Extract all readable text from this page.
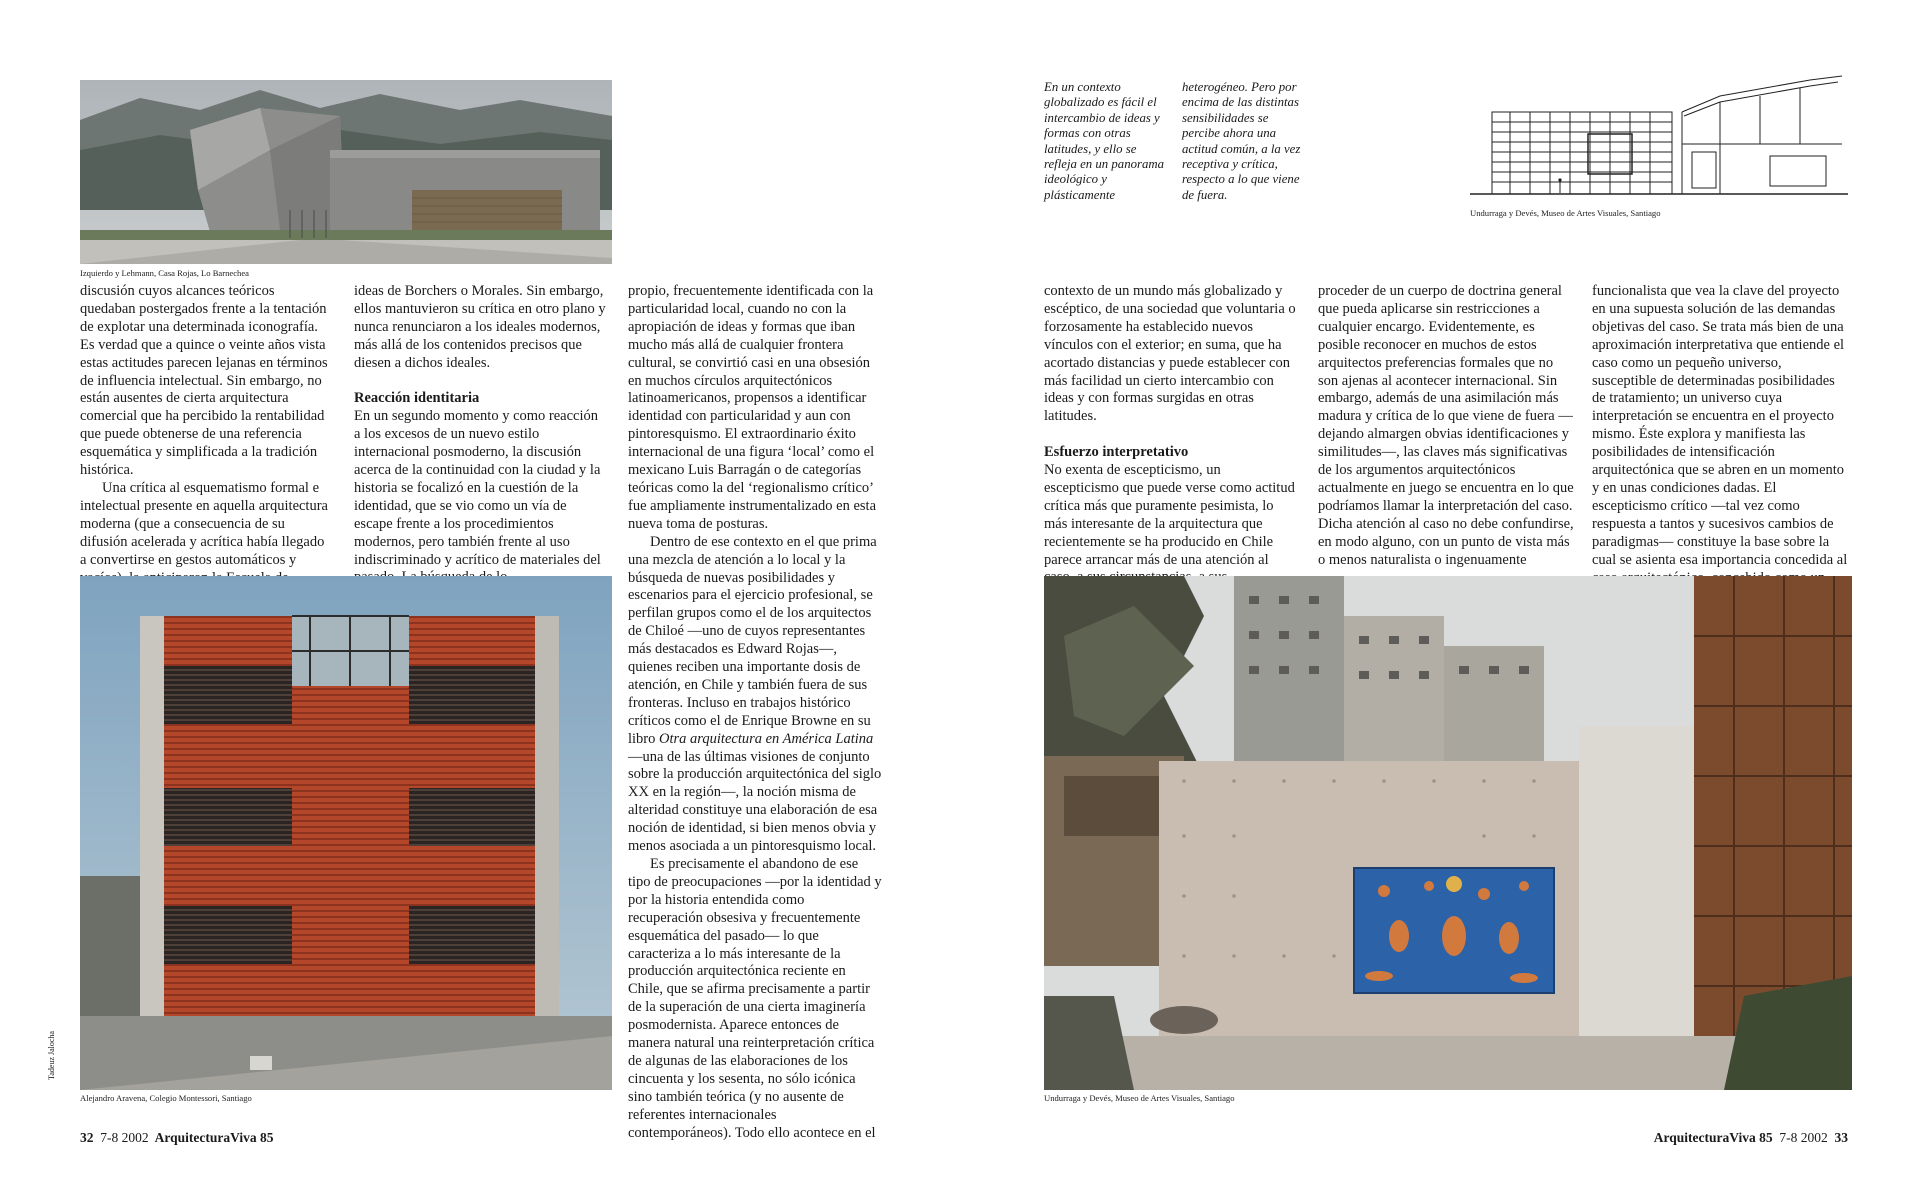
Izquierdo y Lehmann, Casa Rojas, Lo Barnechea

discusión cuyos alcances teóricos quedaban postergados frente a la tentación de explotar una determinada iconografía. Es verdad que a quince o veinte años vista estas actitudes parecen lejanas en términos de influencia intelectual. Sin embargo, no están ausentes de cierta arquitectura comercial que ha percibido la rentabilidad que puede obtenerse de una referencia esquemática y simplificada a la tradición histórica.

Una crítica al esquematismo formal e intelectual presente en aquella arquitectura moderna (que a consecuencia de su difusión acelerada y acrítica había llegado a convertirse en gestos automáticos y

ideas de Borchers o Morales. Sin embargo, ellos mantuvieron su crítica en otro plano y nunca renunciaron a los ideales modernos, más allá de los contenidos precisos que diesen a dichos ideales.

Reacción identitaria

En un segundo momento y como reacción a los excesos de un nuevo estilo internacional posmoderno, la discusión acerca de la continuidad con la ciudad y la historia se focalizó en la cuestión de la identidad, que se vio como un vía de escape frente a los procedimientos modernos, pero también frente al uso indiscriminado y acrítico de materiales del

propio, frecuentemente identificada con la particularidad local, cuando no con la apropiación de ideas y formas que iban mucho más allá de cualquier frontera cultural, se convirtió casi en una obsesión en muchos círculos arquitectónicos latinoamericanos, propensos a identificar identidad con particularidad y aun con pintoresquismo. El extraordinario éxito internacional de una figura ‘local’ como el mexicano Luis Barragán o de categorías teóricas como la del ‘regionalismo crítico’ fue ampliamente instrumentalizado en esta nueva toma de posturas.

Dentro de ese contexto en el que prima una mezcla de atención a lo local y la búsqueda de nuevas posibilidades y escenarios para el ejercicio profesional, se perfilan grupos como el de los arquitectos de Chiloé —uno de cuyos representantes más destacados es Edward Rojas—, quienes reciben una importante dosis de atención, en Chile y también fuera de sus fronteras. Incluso en trabajos histórico críticos como el de Enrique Browne en su libro Otra arquitectura en América Latina —una de las últimas visiones de conjunto sobre la producción arquitectónica del siglo XX en la región—, la noción misma de alteridad constituye una elaboración de esa noción de identidad, si bien menos obvia y menos asociada a un pintoresquismo local.

Es precisamente el abandono de ese tipo de preocupaciones —por la identidad y por la historia entendida como recuperación obsesiva y frecuentemente esquemática del pasado— lo que caracteriza a lo más interesante de la producción arquitectónica reciente en Chile, que se afirma precisamente a partir de la superación de una cierta imaginería posmodernista. Aparece entonces de manera natural una reinterpretación crítica de algunas de las elaboraciones de los cincuenta y los sesenta, no sólo icónica sino también teórica (y no ausente de referentes internacionales contemporáneos). Todo ello acontece en el

Tadeuz Jalocha
Alejandro Aravena, Colegio Montessori, Santiago
32 7-8 2002 ArquitecturaViva 85

En un contexto globalizado es fácil el intercambio de ideas y formas con otras latitudes, y ello se refleja en un panorama ideológico y plásticamente

heterogéneo. Pero por encima de las distintas sensibilidades se percibe ahora una actitud común, a la vez receptiva y crítica, respecto a lo que viene de fuera.

Undurraga y Devés, Museo de Artes Visuales, Santiago

contexto de un mundo más globalizado y escéptico, de una sociedad que voluntaria o forzosamente ha establecido nuevos vínculos con el exterior; en suma, que ha acortado distancias y puede establecer con más facilidad un cierto intercambio con ideas y con formas surgidas en otras latitudes.

Esfuerzo interpretativo

No exenta de escepticismo, un escepticismo que puede verse como actitud crítica más que puramente pesimista, lo más interesante de la arquitectura que recientemente se ha producido en Chile parece arrancar más de una atención al

proceder de un cuerpo de doctrina general que pueda aplicarse sin restricciones a cualquier encargo. Evidentemente, es posible reconocer en muchos de estos arquitectos preferencias formales que no son ajenas al acontecer internacional. Sin embargo, además de una asimilación más madura y crítica de lo que viene de fuera —dejando almargen obvias identificaciones y similitudes—, las claves más significativas de los argumentos arquitectónicos actualmente en juego se encuentra en lo que podríamos llamar la interpretación del caso. Dicha atención al caso no debe confundirse, en modo alguno, con un punto de vista más o menos naturalista o ingenuamente

funcionalista que vea la clave del proyecto en una supuesta solución de las demandas objetivas del caso. Se trata más bien de una aproximación interpretativa que entiende el caso como un pequeño universo, susceptible de determinadas posibilidades de tratamiento; un universo cuya interpretación se encuentra en el proyecto mismo. Éste explora y manifiesta las posibilidades de intensificación arquitectónica que se abren en un momento y en unas condiciones dadas. El escepticismo crítico —tal vez como respuesta a tantos y sucesivos cambios de paradigmas— constituye la base sobre la cual se asienta esa importancia concedida al

Undurraga y Devés, Museo de Artes Visuales, Santiago
ArquitecturaViva 85 7-8 2002 33
